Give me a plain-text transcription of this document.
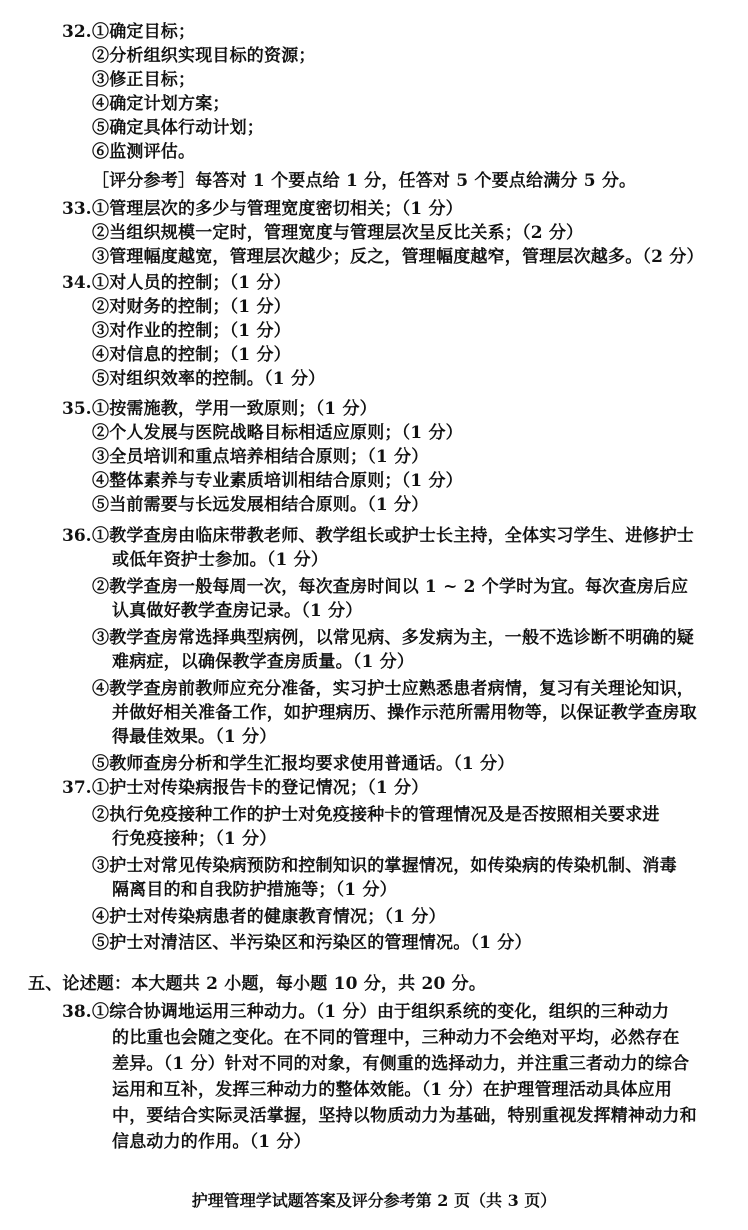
32. ①确定目标；
②分析组织实现目标的资源；
③修正目标；
④确定计划方案；
⑤确定具体行动计划；
⑥监测评估。
［评分参考］每答对 1 个要点给 1 分，任答对 5 个要点给满分 5 分。
33. ①管理层次的多少与管理宽度密切相关；（1 分）
②当组织规模一定时，管理宽度与管理层次呈反比关系；（2 分）
③管理幅度越宽，管理层次越少；反之，管理幅度越窄，管理层次越多。（2 分）
34. ①对人员的控制；（1 分）
②对财务的控制；（1 分）
③对作业的控制；（1 分）
④对信息的控制；（1 分）
⑤对组织效率的控制。（1 分）
35. ①按需施教，学用一致原则；（1 分）
②个人发展与医院战略目标相适应原则；（1 分）
③全员培训和重点培养相结合原则；（1 分）
④整体素养与专业素质培训相结合原则；（1 分）
⑤当前需要与长远发展相结合原则。（1 分）
36. ①教学查房由临床带教老师、教学组长或护士长主持，全体实习学生、进修护士
或低年资护士参加。（1 分）
②教学查房一般每周一次，每次查房时间以 1 ~ 2 个学时为宜。每次查房后应
认真做好教学查房记录。（1 分）
③教学查房常选择典型病例，以常见病、多发病为主，一般不选诊断不明确的疑
难病症，以确保教学查房质量。（1 分）
④教学查房前教师应充分准备，实习护士应熟悉患者病情，复习有关理论知识，
并做好相关准备工作，如护理病历、操作示范所需用物等，以保证教学查房取
得最佳效果。（1 分）
⑤教师查房分析和学生汇报均要求使用普通话。（1 分）
37. ①护士对传染病报告卡的登记情况；（1 分）
②执行免疫接种工作的护士对免疫接种卡的管理情况及是否按照相关要求进
行免疫接种；（1 分）
③护士对常见传染病预防和控制知识的掌握情况，如传染病的传染机制、消毒
隔离目的和自我防护措施等；（1 分）
④护士对传染病患者的健康教育情况；（1 分）
⑤护士对清洁区、半污染区和污染区的管理情况。（1 分）
五、论述题：本大题共 2 小题，每小题 10 分，共 20 分。
38. ①综合协调地运用三种动力。（1 分）由于组织系统的变化，组织的三种动力
的比重也会随之变化。在不同的管理中，三种动力不会绝对平均，必然存在
差异。（1 分）针对不同的对象，有侧重的选择动力，并注重三者动力的综合
运用和互补，发挥三种动力的整体效能。（1 分）在护理管理活动具体应用
中，要结合实际灵活掌握，坚持以物质动力为基础，特别重视发挥精神动力和
信息动力的作用。（1 分）
护理管理学试题答案及评分参考第 2 页（共 3 页）
